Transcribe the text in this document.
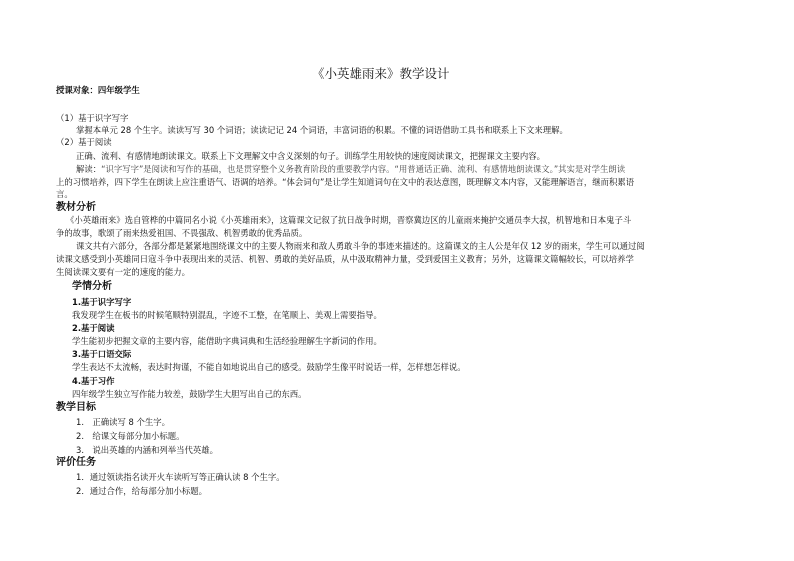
《小英雄雨来》教学设计
授课对象：四年级学生
（1）基于识字写字
掌握本单元 28 个生字。读读写写 30 个词语；读读记记 24 个词语，丰富词语的积累。不懂的词语借助工具书和联系上下文来理解。
（2）基于阅读
正确、流利、有感情地朗读课文。联系上下文理解文中含义深刻的句子。训练学生用较快的速度阅读课文，把握课文主要内容。
解读：“识字写字”是阅读和写作的基础，也是贯穿整个义务教育阶段的重要教学内容。“用普通话正确、流利、有感情地朗读课文。”其实是对学生朗读
上的习惯培养，四下学生在朗读上应注重语气、语调的培养。“体会词句”是让学生知道词句在文中的表达意图，既理解文本内容，又能理解语言，继而积累语
言。
教材分析
《小英雄雨来》选自管桦的中篇同名小说《小英雄雨来》，这篇课文记叙了抗日战争时期，晋察冀边区的儿童雨来掩护交通员李大叔，机智地和日本鬼子斗
争的故事，歌颂了雨来热爱祖国、不畏强敌、机智勇敢的优秀品质。
课文共有六部分，各部分都是紧紧地围绕课文中的主要人物雨来和敌人勇敢斗争的事迹来描述的。这篇课文的主人公是年仅 12 岁的雨来，学生可以通过阅
读课文感受到小英雄同日寇斗争中表现出来的灵活、机智、勇敢的美好品质，从中汲取精神力量，受到爱国主义教育；另外，这篇课文篇幅较长，可以培养学
生阅读课文要有一定的速度的能力。
学情分析
1.基于识字写字
我发现学生在板书的时候笔顺特别混乱，字迹不工整，在笔顺上、美观上需要指导。
2.基于阅读
学生能初步把握文章的主要内容，能借助字典词典和生活经验理解生字新词的作用。
3.基于口语交际
学生表达不太流畅，表达时拘谨，不能自如地说出自己的感受。鼓励学生像平时说话一样，怎样想怎样说。
4.基于习作
四年级学生独立写作能力较差，鼓励学生大胆写出自己的东西。
教学目标
1.　正确读写 8 个生字。
2.　给课文每部分加小标题。
3.　说出英雄的内涵和列举当代英雄。
评价任务
1．通过领读指名读开火车读听写等正确认读 8 个生字。
2．通过合作，给每部分加小标题。
